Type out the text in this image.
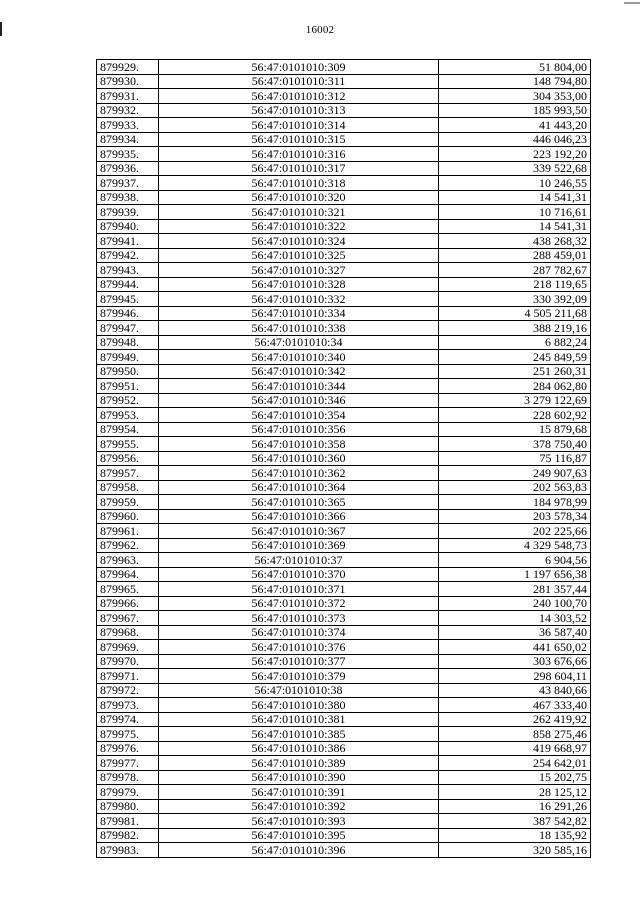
16002
879929.	56:47:0101010:309	51 804,00
879930.	56:47:0101010:311	148 794,80
879931.	56:47:0101010:312	304 353,00
879932.	56:47:0101010:313	185 993,50
879933.	56:47:0101010:314	41 443,20
879934.	56:47:0101010:315	446 046,23
879935.	56:47:0101010:316	223 192,20
879936.	56:47:0101010:317	339 522,68
879937.	56:47:0101010:318	10 246,55
879938.	56:47:0101010:320	14 541,31
879939.	56:47:0101010:321	10 716,61
879940.	56:47:0101010:322	14 541,31
879941.	56:47:0101010:324	438 268,32
879942.	56:47:0101010:325	288 459,01
879943.	56:47:0101010:327	287 782,67
879944.	56:47:0101010:328	218 119,65
879945.	56:47:0101010:332	330 392,09
879946.	56:47:0101010:334	4 505 211,68
879947.	56:47:0101010:338	388 219,16
879948.	56:47:0101010:34	6 882,24
879949.	56:47:0101010:340	245 849,59
879950.	56:47:0101010:342	251 260,31
879951.	56:47:0101010:344	284 062,80
879952.	56:47:0101010:346	3 279 122,69
879953.	56:47:0101010:354	228 602,92
879954.	56:47:0101010:356	15 879,68
879955.	56:47:0101010:358	378 750,40
879956.	56:47:0101010:360	75 116,87
879957.	56:47:0101010:362	249 907,63
879958.	56:47:0101010:364	202 563,83
879959.	56:47:0101010:365	184 978,99
879960.	56:47:0101010:366	203 578,34
879961.	56:47:0101010:367	202 225,66
879962.	56:47:0101010:369	4 329 548,73
879963.	56:47:0101010:37	6 904,56
879964.	56:47:0101010:370	1 197 656,38
879965.	56:47:0101010:371	281 357,44
879966.	56:47:0101010:372	240 100,70
879967.	56:47:0101010:373	14 303,52
879968.	56:47:0101010:374	36 587,40
879969.	56:47:0101010:376	441 650,02
879970.	56:47:0101010:377	303 676,66
879971.	56:47:0101010:379	298 604,11
879972.	56:47:0101010:38	43 840,66
879973.	56:47:0101010:380	467 333,40
879974.	56:47:0101010:381	262 419,92
879975.	56:47:0101010:385	858 275,46
879976.	56:47:0101010:386	419 668,97
879977.	56:47:0101010:389	254 642,01
879978.	56:47:0101010:390	15 202,75
879979.	56:47:0101010:391	28 125,12
879980.	56:47:0101010:392	16 291,26
879981.	56:47:0101010:393	387 542,82
879982.	56:47:0101010:395	18 135,92
879983.	56:47:0101010:396	320 585,16
